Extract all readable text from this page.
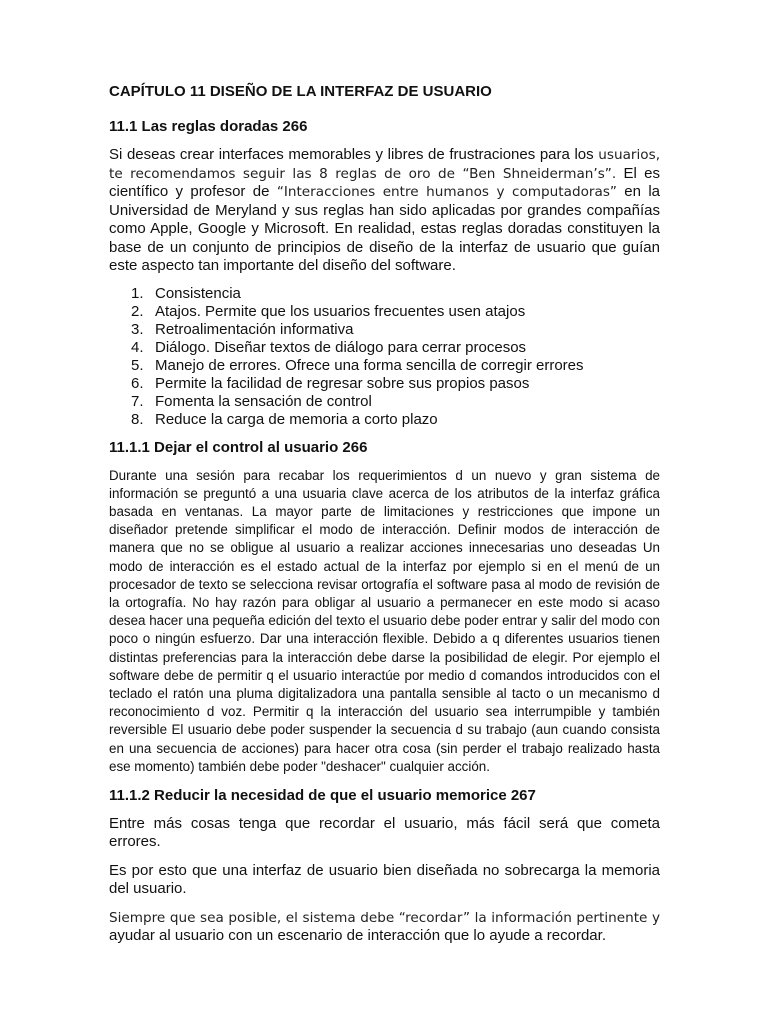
CAPÍTULO 11 DISEÑO DE LA INTERFAZ DE USUARIO
11.1 Las reglas doradas 266

Si deseas crear interfaces memorables y libres de frustraciones para los usuarios, te recomendamos seguir las 8 reglas de oro de “Ben Shneiderman’s”. El es científico y profesor de “Interacciones entre humanos y computadoras” en la Universidad de Meryland y sus reglas han sido aplicadas por grandes compañías como Apple, Google y Microsoft. En realidad, estas reglas doradas constituyen la base de un conjunto de principios de diseño de la interfaz de usuario que guían este aspecto tan importante del diseño del software.

1. Consistencia
2. Atajos. Permite que los usuarios frecuentes usen atajos
3. Retroalimentación informativa
4. Diálogo. Diseñar textos de diálogo para cerrar procesos
5. Manejo de errores. Ofrece una forma sencilla de corregir errores
6. Permite la facilidad de regresar sobre sus propios pasos
7. Fomenta la sensación de control
8. Reduce la carga de memoria a corto plazo
11.1.1 Dejar el control al usuario 266

Durante una sesión para recabar los requerimientos d un nuevo y gran sistema de información se preguntó a una usuaria clave acerca de los atributos de la interfaz gráfica basada en ventanas. La mayor parte de limitaciones y restricciones que impone un diseñador pretende simplificar el modo de interacción. Definir modos de interacción de manera que no se obligue al usuario a realizar acciones innecesarias uno deseadas Un modo de interacción es el estado actual de la interfaz por ejemplo si en el menú de un procesador de texto se selecciona revisar ortografía el software pasa al modo de revisión de la ortografía. No hay razón para obligar al usuario a permanecer en este modo si acaso desea hacer una pequeña edición del texto el usuario debe poder entrar y salir del modo con poco o ningún esfuerzo. Dar una interacción flexible. Debido a q diferentes usuarios tienen distintas preferencias para la interacción debe darse la posibilidad de elegir. Por ejemplo el software debe de permitir q el usuario interactúe por medio d comandos introducidos con el teclado el ratón una pluma digitalizadora una pantalla sensible al tacto o un mecanismo d reconocimiento d voz. Permitir q la interacción del usuario sea interrumpible y también reversible El usuario debe poder suspender la secuencia d su trabajo (aun cuando consista en una secuencia de acciones) para hacer otra cosa (sin perder el trabajo realizado hasta ese momento) también debe poder "deshacer" cualquier acción.

11.1.2 Reducir la necesidad de que el usuario memorice 267

Entre más cosas tenga que recordar el usuario, más fácil será que cometa errores.

Es por esto que una interfaz de usuario bien diseñada no sobrecarga la memoria del usuario.

Siempre que sea posible, el sistema debe “recordar” la información pertinente y ayudar al usuario con un escenario de interacción que lo ayude a recordar.
